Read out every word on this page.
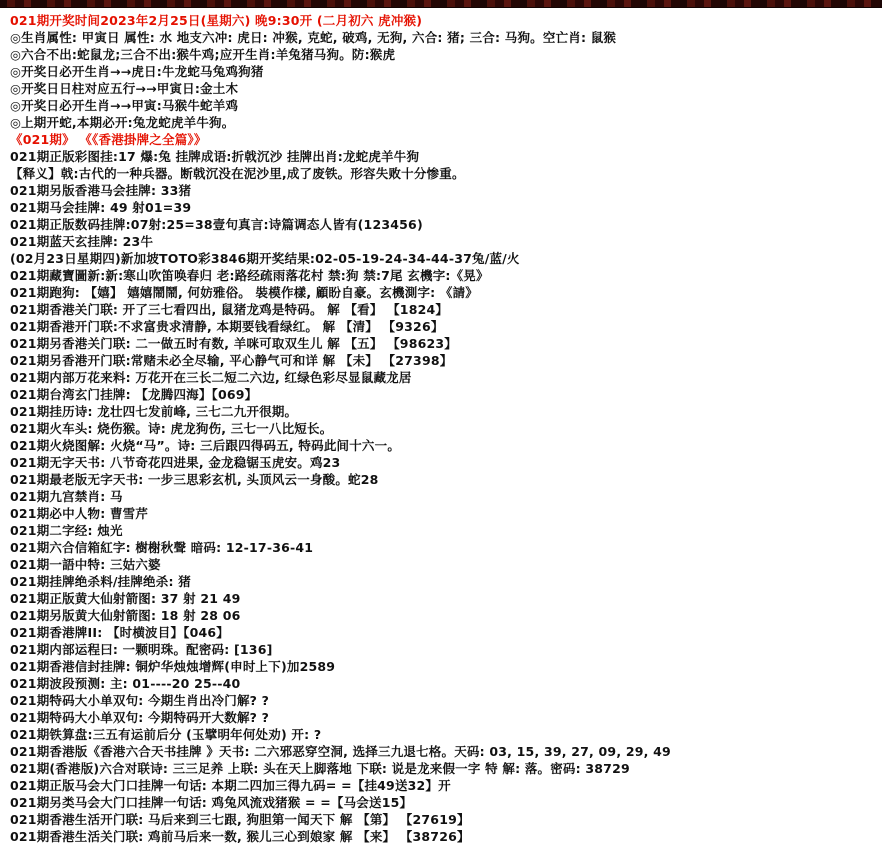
021期开奖时间2023年2月25日(星期六) 晚9:30开 (二月初六 虎冲猴)
◎生肖属性: 甲寅日 属性: 水 地支六冲: 虎日: 冲猴, 克蛇, 破鸡, 无狗, 六合: 猪; 三合: 马狗。空亡肖: 鼠猴
◎六合不出:蛇鼠龙;三合不出:猴牛鸡;应开生肖:羊兔猪马狗。防:猴虎
◎开奖日必开生肖→→虎日:牛龙蛇马兔鸡狗猪
◎开奖日日柱对应五行→→甲寅日:金土木
◎开奖日必开生肖→→甲寅:马猴牛蛇羊鸡
◎上期开蛇,本期必开:兔龙蛇虎羊牛狗。
《021期》 《《香港掛牌之全篇》》
021期正版彩图挂:17 爆:兔 挂牌成语:折戟沉沙 挂牌出肖:龙蛇虎羊牛狗
【释义】戟:古代的一种兵器。断戟沉没在泥沙里,成了废铁。形容失败十分惨重。
021期另版香港马会挂牌: 33猪
021期马会挂牌: 49 射01=39
021期正版数码挂牌:07射:25=38壹句真言:诗篇调态人皆有(123456)
021期蓝天玄挂牌: 23牛
(02月23日星期四)新加坡TOTO彩3846期开奖结果:02-05-19-24-34-44-37兔/蓝/火
021期藏寶圖新:新:寒山吹笛唤春归 老:路经疏雨落花村 禁:狗 禁:7尾 玄機字:《晃》
021期跑狗: 【嬉】 嬉嬉鬧鬧, 何妨雅俗。 裝模作樣, 顧盼自豪。玄機測字: 《請》
021期香港关门联: 开了三七看四出, 鼠猪龙鸡是特码。 解 【看】 【1824】
021期香港开门联:不求富贵求清静, 本期要钱看绿红。 解 【清】 【9326】
021期另香港关门联: 二一做五时有数, 羊咪可取双生儿 解 【五】 【98623】
021期另香港开门联:常赌未必全尽输, 平心静气可和详 解 【未】 【27398】
021期内部万花来料: 万花开在三长二短二六边, 红绿色彩尽显鼠藏龙居
021期台湾玄门挂牌: 【龙腾四海】【069】
021期挂历诗: 龙壮四七发前峰, 三七二九开很期。
021期火车头: 烧伤猴。诗: 虎龙狗伤, 三七一八比短长。
021期火烧图解: 火烧“马”。诗: 三后跟四得码五, 特码此间十六一。
021期无字天书: 八节奇花四进果, 金龙稳锯玉虎安。鸡23
021期最老版无字天书: 一步三思彩玄机, 头顶风云一身酸。蛇28
021期九宫禁肖: 马
021期必中人物: 曹雪芹
021期二字经: 烛光
021期六合信箱紅字: 樹榭秋聲 暗码: 12-17-36-41
021期一語中特: 三姑六婆
021期挂牌绝杀料/挂牌绝杀: 猪
021期正版黄大仙射箭图: 37 射 21 49
021期另版黄大仙射箭图: 18 射 28 06
021期香港牌II: 【时横波目】【046】
021期内部运程曰: 一颗明珠。配密码: [136]
021期香港信封挂牌: 铜炉华烛烛增辉(申时上下)加2589
021期波段预测: 主: 01----20 25--40
021期特码大小单双句: 今期生肖出冷门解? ?
021期特码大小单双句: 今期特码开大数解? ?
021期铁算盘:三五有运前后分 (玉擘明年何处劝) 开: ?
021期香港版《香港六合天书挂牌 》天书: 二六邪恶穿空洞, 选择三九退七格。天码: 03, 15, 39, 27, 09, 29, 49
021期(香港版)六合对联诗: 三三足养 上联: 头在天上脚落地 下联: 说是龙来假一字 特 解: 落。密码: 38729
021期正版马会大门口挂牌一句话: 本期二四加三得九码= =【挂49送32】开
021期另类马会大门口挂牌一句话: 鸡兔风流戏猪猴 = =【马会送15】
021期香港生活开门联: 马后来到三七跟, 狗胆第一闻天下 解 【第】 【27619】
021期香港生活关门联: 鸡前马后来一数, 猴儿三心到娘家 解 【来】 【38726】
